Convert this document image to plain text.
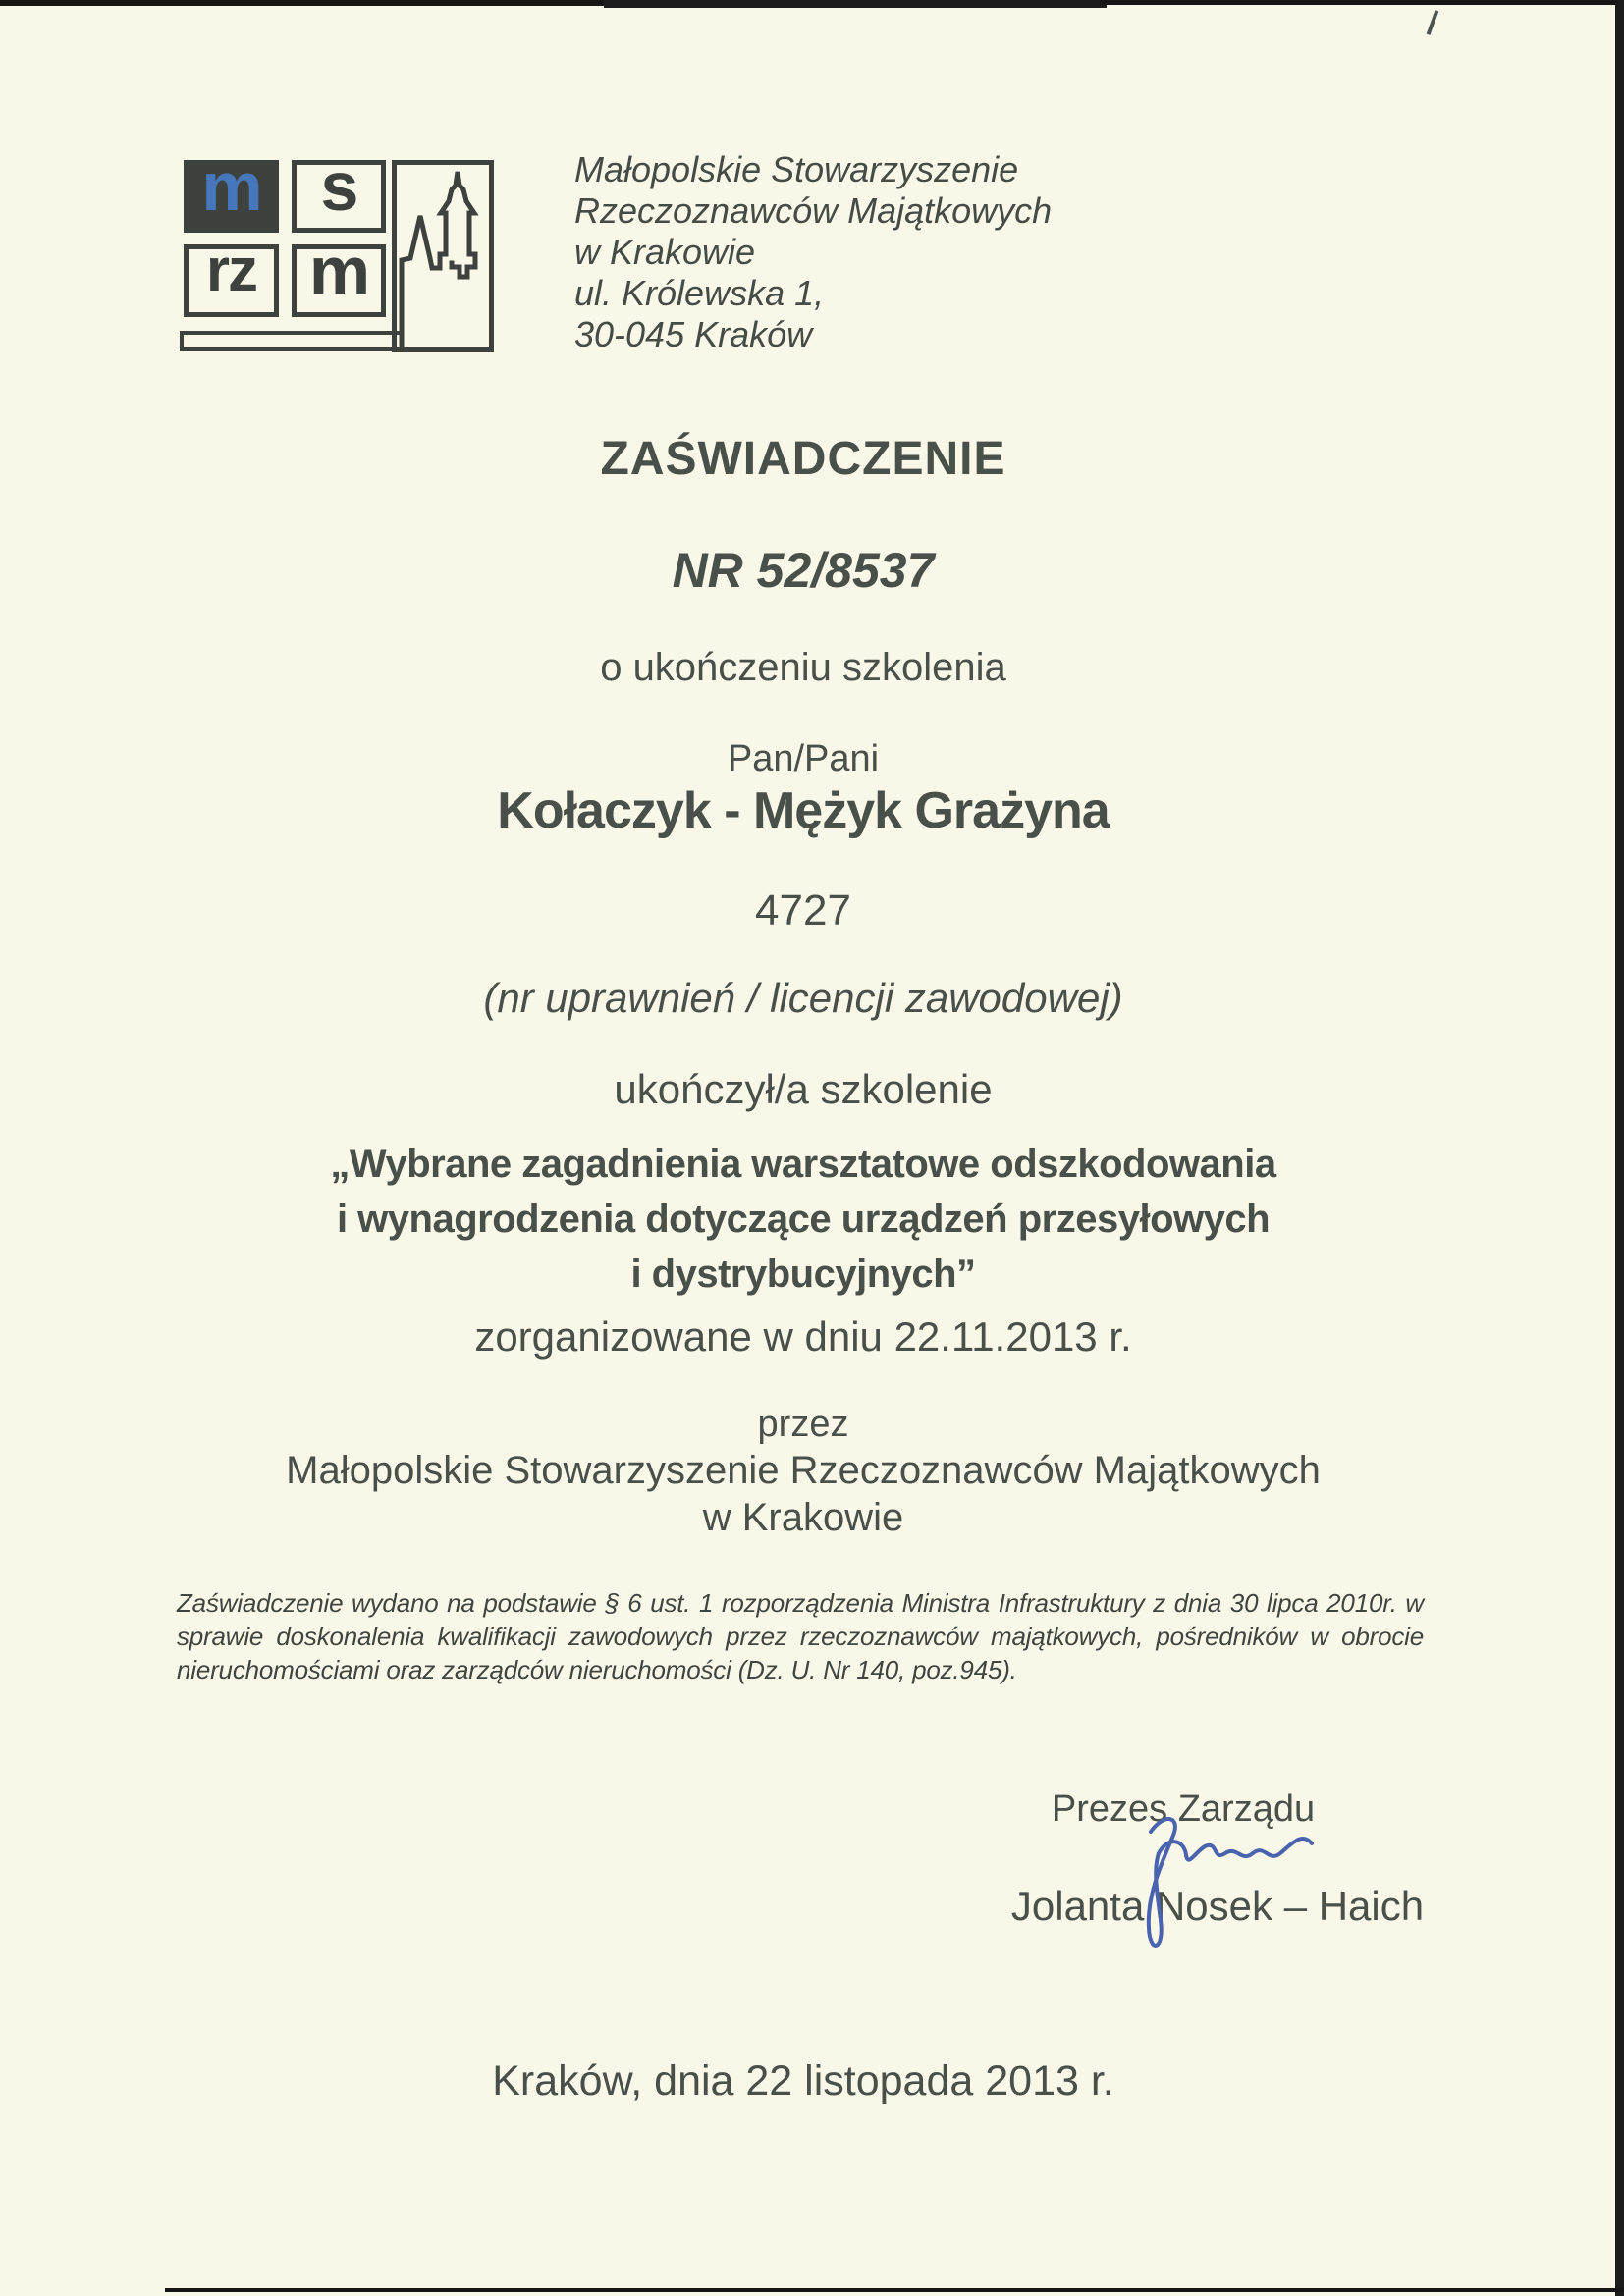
m s
rz m
Małopolskie Stowarzyszenie
Rzeczoznawców Majątkowych
w Krakowie
ul. Królewska 1,
30-045 Kraków
ZAŚWIADCZENIE
NR 52/8537
o ukończeniu szkolenia
Pan/Pani
Kołaczyk - Mężyk Grażyna
4727
(nr uprawnień / licencji zawodowej)
ukończył/a szkolenie
„Wybrane zagadnienia warsztatowe odszkodowania
i wynagrodzenia dotyczące urządzeń przesyłowych
i dystrybucyjnych”
zorganizowane w dniu 22.11.2013 r.
przez
Małopolskie Stowarzyszenie Rzeczoznawców Majątkowych
w Krakowie
Zaświadczenie wydano na podstawie § 6 ust. 1 rozporządzenia Ministra Infrastruktury z dnia 30 lipca 2010r. w sprawie doskonalenia kwalifikacji zawodowych przez rzeczoznawców majątkowych, pośredników w obrocie nieruchomościami oraz zarządców nieruchomości (Dz. U. Nr 140, poz.945).
Prezes Zarządu
Jolanta Nosek – Haich
Kraków, dnia 22 listopada 2013 r.
